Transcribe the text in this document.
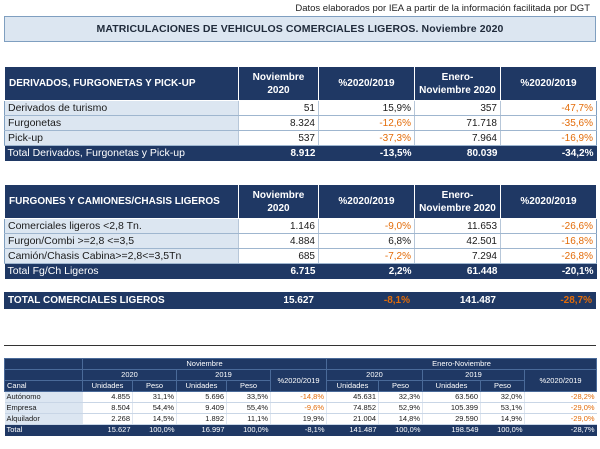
Datos elaborados por IEA a partir de la información facilitada por DGT
MATRICULACIONES DE VEHICULOS COMERCIALES LIGEROS. Noviembre 2020
DERIVADOS, FURGONETAS Y PICK-UP	Noviembre 2020	%2020/2019	Enero-Noviembre 2020	%2020/2019
Derivados de turismo	51	15,9%	357	-47,7%
Furgonetas	8.324	-12,6%	71.718	-35,6%
Pick-up	537	-37,3%	7.964	-16,9%
Total Derivados, Furgonetas y Pick-up	8.912	-13,5%	80.039	-34,2%
FURGONES Y CAMIONES/CHASIS LIGEROS	Noviembre 2020	%2020/2019	Enero-Noviembre 2020	%2020/2019
Comerciales ligeros <2,8 Tn.	1.146	-9,0%	11.653	-26,6%
Furgon/Combi >=2,8 <=3,5	4.884	6,8%	42.501	-16,8%
Camión/Chasis Cabina>=2,8<=3,5Tn	685	-7,2%	7.294	-26,8%
Total Fg/Ch Ligeros	6.715	2,2%	61.448	-20,1%
TOTAL COMERCIALES LIGEROS	15.627	-8,1%	141.487	-28,7%
	Noviembre					Enero-Noviembre				
	2020		2019		%2020/2019	2020		2019		%2020/2019
Canal	Unidades	Peso	Unidades	Peso		Unidades	Peso	Unidades	Peso	
Autónomo	4.855	31,1%	5.696	33,5%	-14,8%	45.631	32,3%	63.560	32,0%	-28,2%
Empresa	8.504	54,4%	9.409	55,4%	-9,6%	74.852	52,9%	105.399	53,1%	-29,0%
Alquilador	2.268	14,5%	1.892	11,1%	19,9%	21.004	14,8%	29.590	14,9%	-29,0%
Total	15.627	100,0%	16.997	100,0%	-8,1%	141.487	100,0%	198.549	100,0%	-28,7%
